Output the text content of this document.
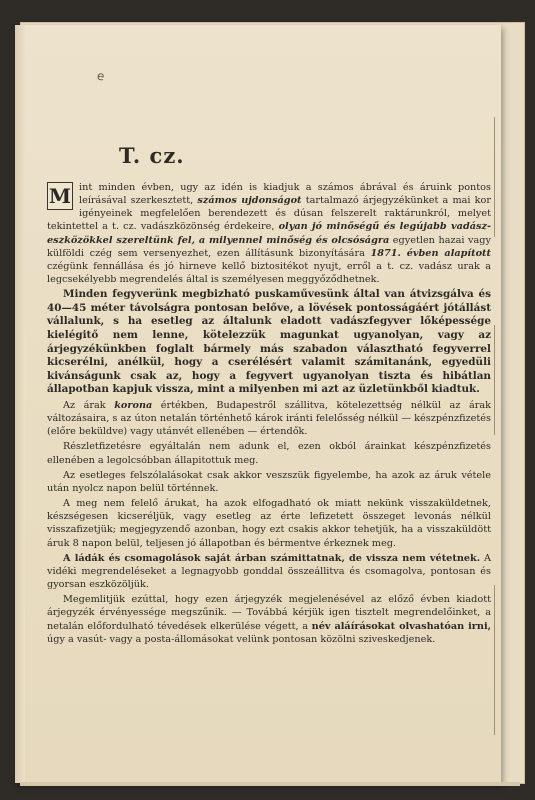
e
T. cz.

M int minden évben, ugy az idén is kiadjuk a számos ábrával és áruink pontos leírásával szerkesztett, számos ujdonságot tartalmazó árjegyzékünket a mai kor igényeinek megfelelően berendezett és dúsan felszerelt raktárunkról, melyet tekintettel a t. cz. vadászközönség érdekeire, olyan jó minőségű és legújabb vadász-eszközökkel szereltünk fel, a milyennel minőség és olcsóságra egyetlen hazai vagy külföldi czég sem versenyezhet, ezen állításunk bizonyítására 1871. évben alapított czégünk fennállása és jó hirneve kellő biztositékot nyujt, erről a t. cz. vadász urak a legcsekélyebb megrendelés által is személyesen meggyőződhetnek.

Minden fegyverünk megbizható puskaművesünk által van átvizsgálva és 40—45 méter távolságra pontosan belőve, a lövések pontosságáért jótállást vállalunk, s ha esetleg az általunk eladott vadászfegyver lőképessége kielégitő nem lenne, kötelezzük magunkat ugyanolyan, vagy az árjegyzékünkben foglalt bármely más szabadon választható fegyverrel kicserélni, anélkül, hogy a cserélésért valamit számitanánk, egyedüli kivánságunk csak az, hogy a fegyvert ugyanolyan tiszta és hibátlan állapotban kapjuk vissza, mint a milyenben mi azt az üzletünkből kiadtuk.

Az árak korona értékben, Budapestről szállitva, kötelezettség nélkül az árak változásaira, s az úton netalán történhető károk iránti felelősség nélkül — készpénzfizetés (előre beküldve) vagy utánvét ellenében — értendők.

Részletfizetésre egyáltalán nem adunk el, ezen okból árainkat készpénzfizetés ellenében a legolcsóbban állapitottuk meg.

Az esetleges felszólalásokat csak akkor veszszük figyelembe, ha azok az áruk vétele után nyolcz napon belül történnek.

A meg nem felelő árukat, ha azok elfogadható ok miatt nekünk visszaküldetnek, készségesen kicseréljük, vagy esetleg az érte lefizetett összeget levonás nélkül visszafizetjük; megjegyzendő azonban, hogy ezt csakis akkor tehetjük, ha a visszaküldött áruk 8 napon belül, teljesen jó állapotban és bérmentve érkeznek meg.

A ládák és csomagolások saját árban számittatnak, de vissza nem vétetnek. A vidéki megrendeléseket a legnagyobb gonddal összeállitva és csomagolva, pontosan és gyorsan eszközöljük.

Megemlitjük ezúttal, hogy ezen árjegyzék megjelenésével az előző évben kiadott árjegyzék érvényessége megszűnik. — Továbbá kérjük igen tisztelt megrendelőinket, a netalán előfordulható tévedések elkerülése végett, a név aláírásokat olvashatóan irni, úgy a vasút- vagy a posta-állomásokat velünk pontosan közölni sziveskedjenek.
